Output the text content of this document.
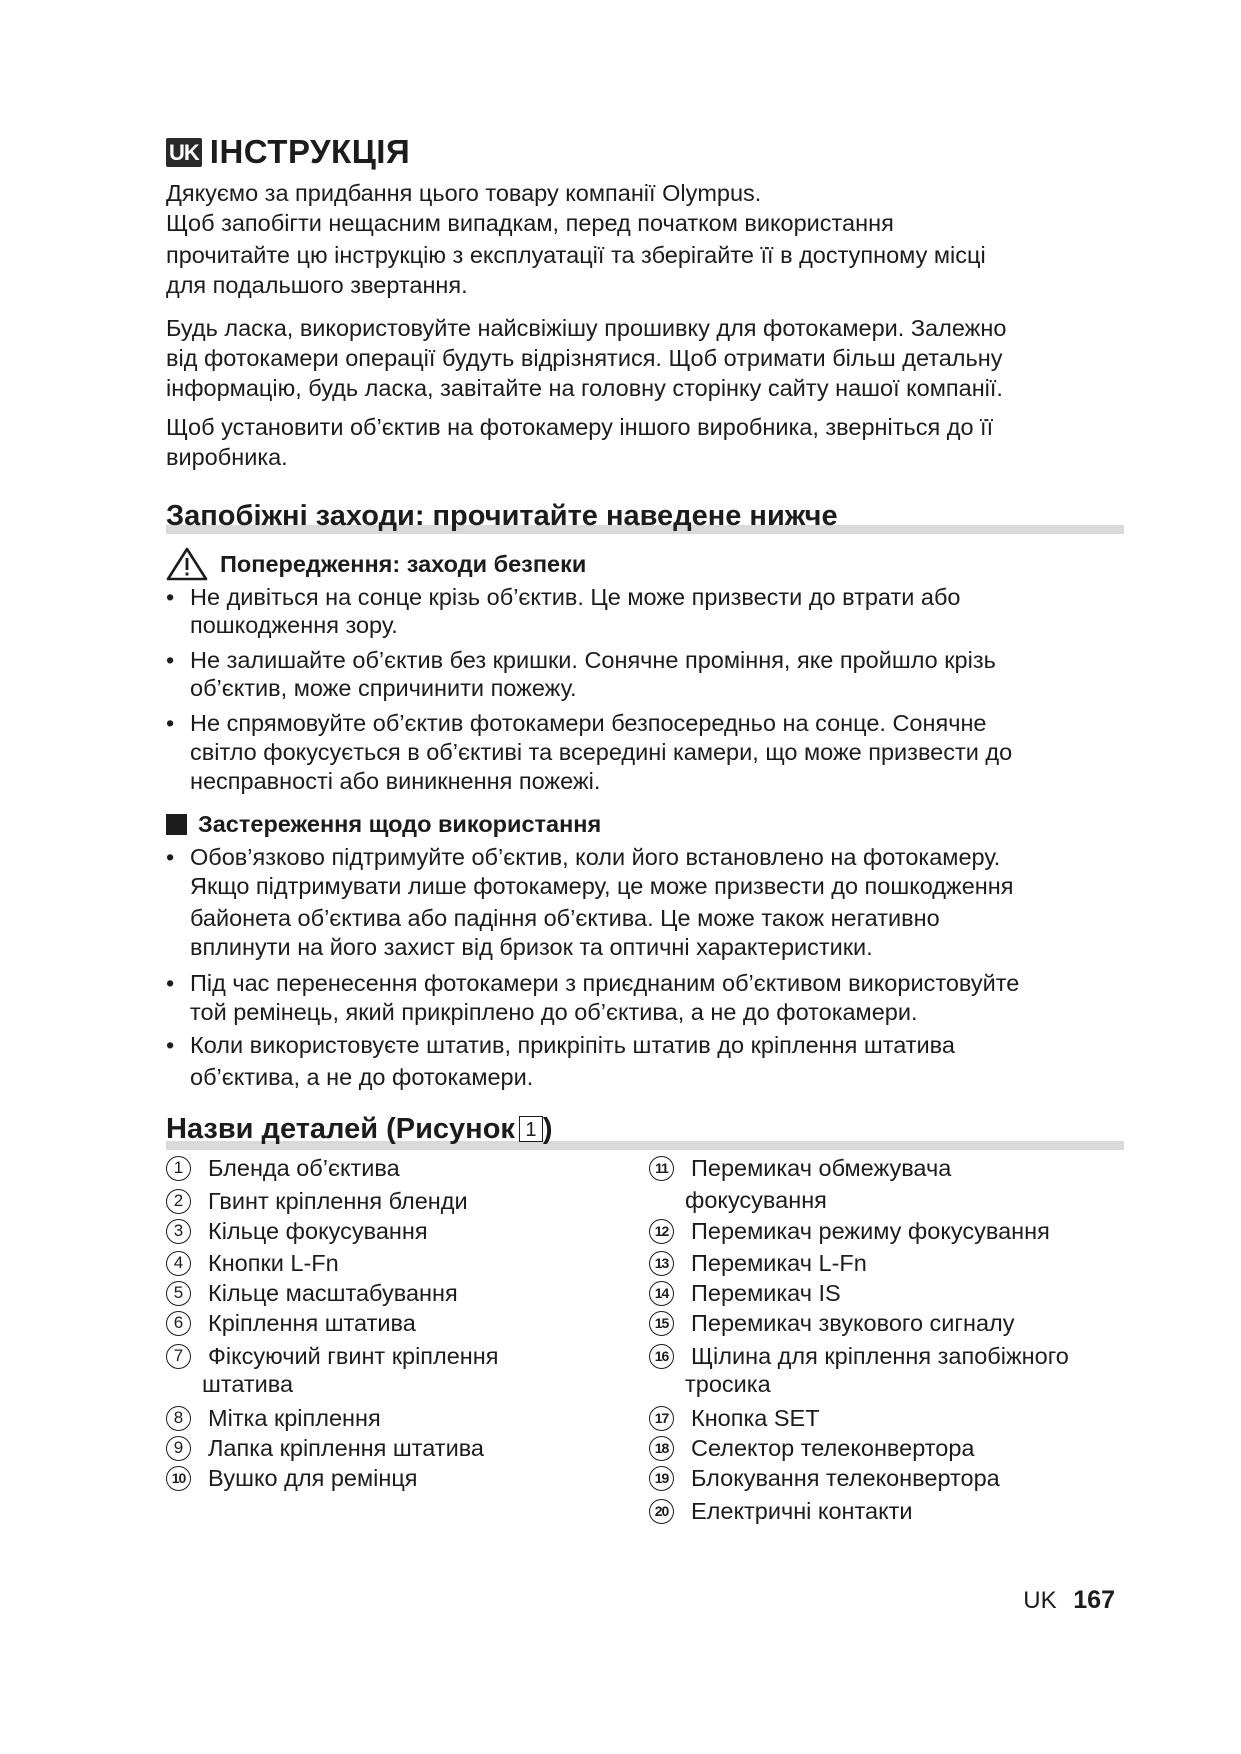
UK ІНСТРУКЦІЯ

Дякуємо за придбання цього товару компанії Olympus.
Щоб запобігти нещасним випадкам, перед початком використання
прочитайте цю інструкцію з експлуатації та зберігайте її в доступному місці
для подальшого звертання.

Будь ласка, використовуйте найсвіжішу прошивку для фотокамери. Залежно
від фотокамери операції будуть відрізнятися. Щоб отримати більш детальну
інформацію, будь ласка, завітайте на головну сторінку сайту нашої компанії.

Щоб установити об’єктив на фотокамеру іншого виробника, зверніться до її
виробника.

Запобіжні заходи: прочитайте наведене нижче
Попередження: заходи безпеки
• Не дивіться на сонце крізь об’єктив. Це може призвести до втрати або
пошкодження зору.
• Не залишайте об’єктив без кришки. Сонячне проміння, яке пройшло крізь
об’єктив, може спричинити пожежу.
• Не спрямовуйте об’єктив фотокамери безпосередньо на сонце. Сонячне
світло фокусується в об’єктиві та всередині камери, що може призвести до
несправності або виникнення пожежі.
Застереження щодо використання
• Обов’язково підтримуйте об’єктив, коли його встановлено на фотокамеру.
Якщо підтримувати лише фотокамеру, це може призвести до пошкодження
байонета об’єктива або падіння об’єктива. Це може також негативно
вплинути на його захист від бризок та оптичні характеристики.
• Під час перенесення фотокамери з приєднаним об’єктивом використовуйте
той ремінець, який прикріплено до об’єктива, а не до фотокамери.
• Коли використовуєте штатив, прикріпіть штатив до кріплення штатива
об’єктива, а не до фотокамери.
Назви деталей (Рисунок 1 )
1	Бленда об’єктива
2	Гвинт кріплення бленди
3	Кільце фокусування
4	Кнопки L-Fn
5	Кільце масштабування
6	Кріплення штатива
7	Фіксуючий гвинт кріплення
штатива
8	Мітка кріплення
9	Лапка кріплення штатива
10 Вушко для ремінця
11 Перемикач обмежувача
фокусування
12 Перемикач режиму фокусування
13 Перемикач L-Fn
14 Перемикач IS
15 Перемикач звукового сигналу
16 Щілина для кріплення запобіжного
тросика
17 Кнопка SET
18 Селектор телеконвертора
19 Блокування телеконвертора
20 Електричні контакти
UK 167
